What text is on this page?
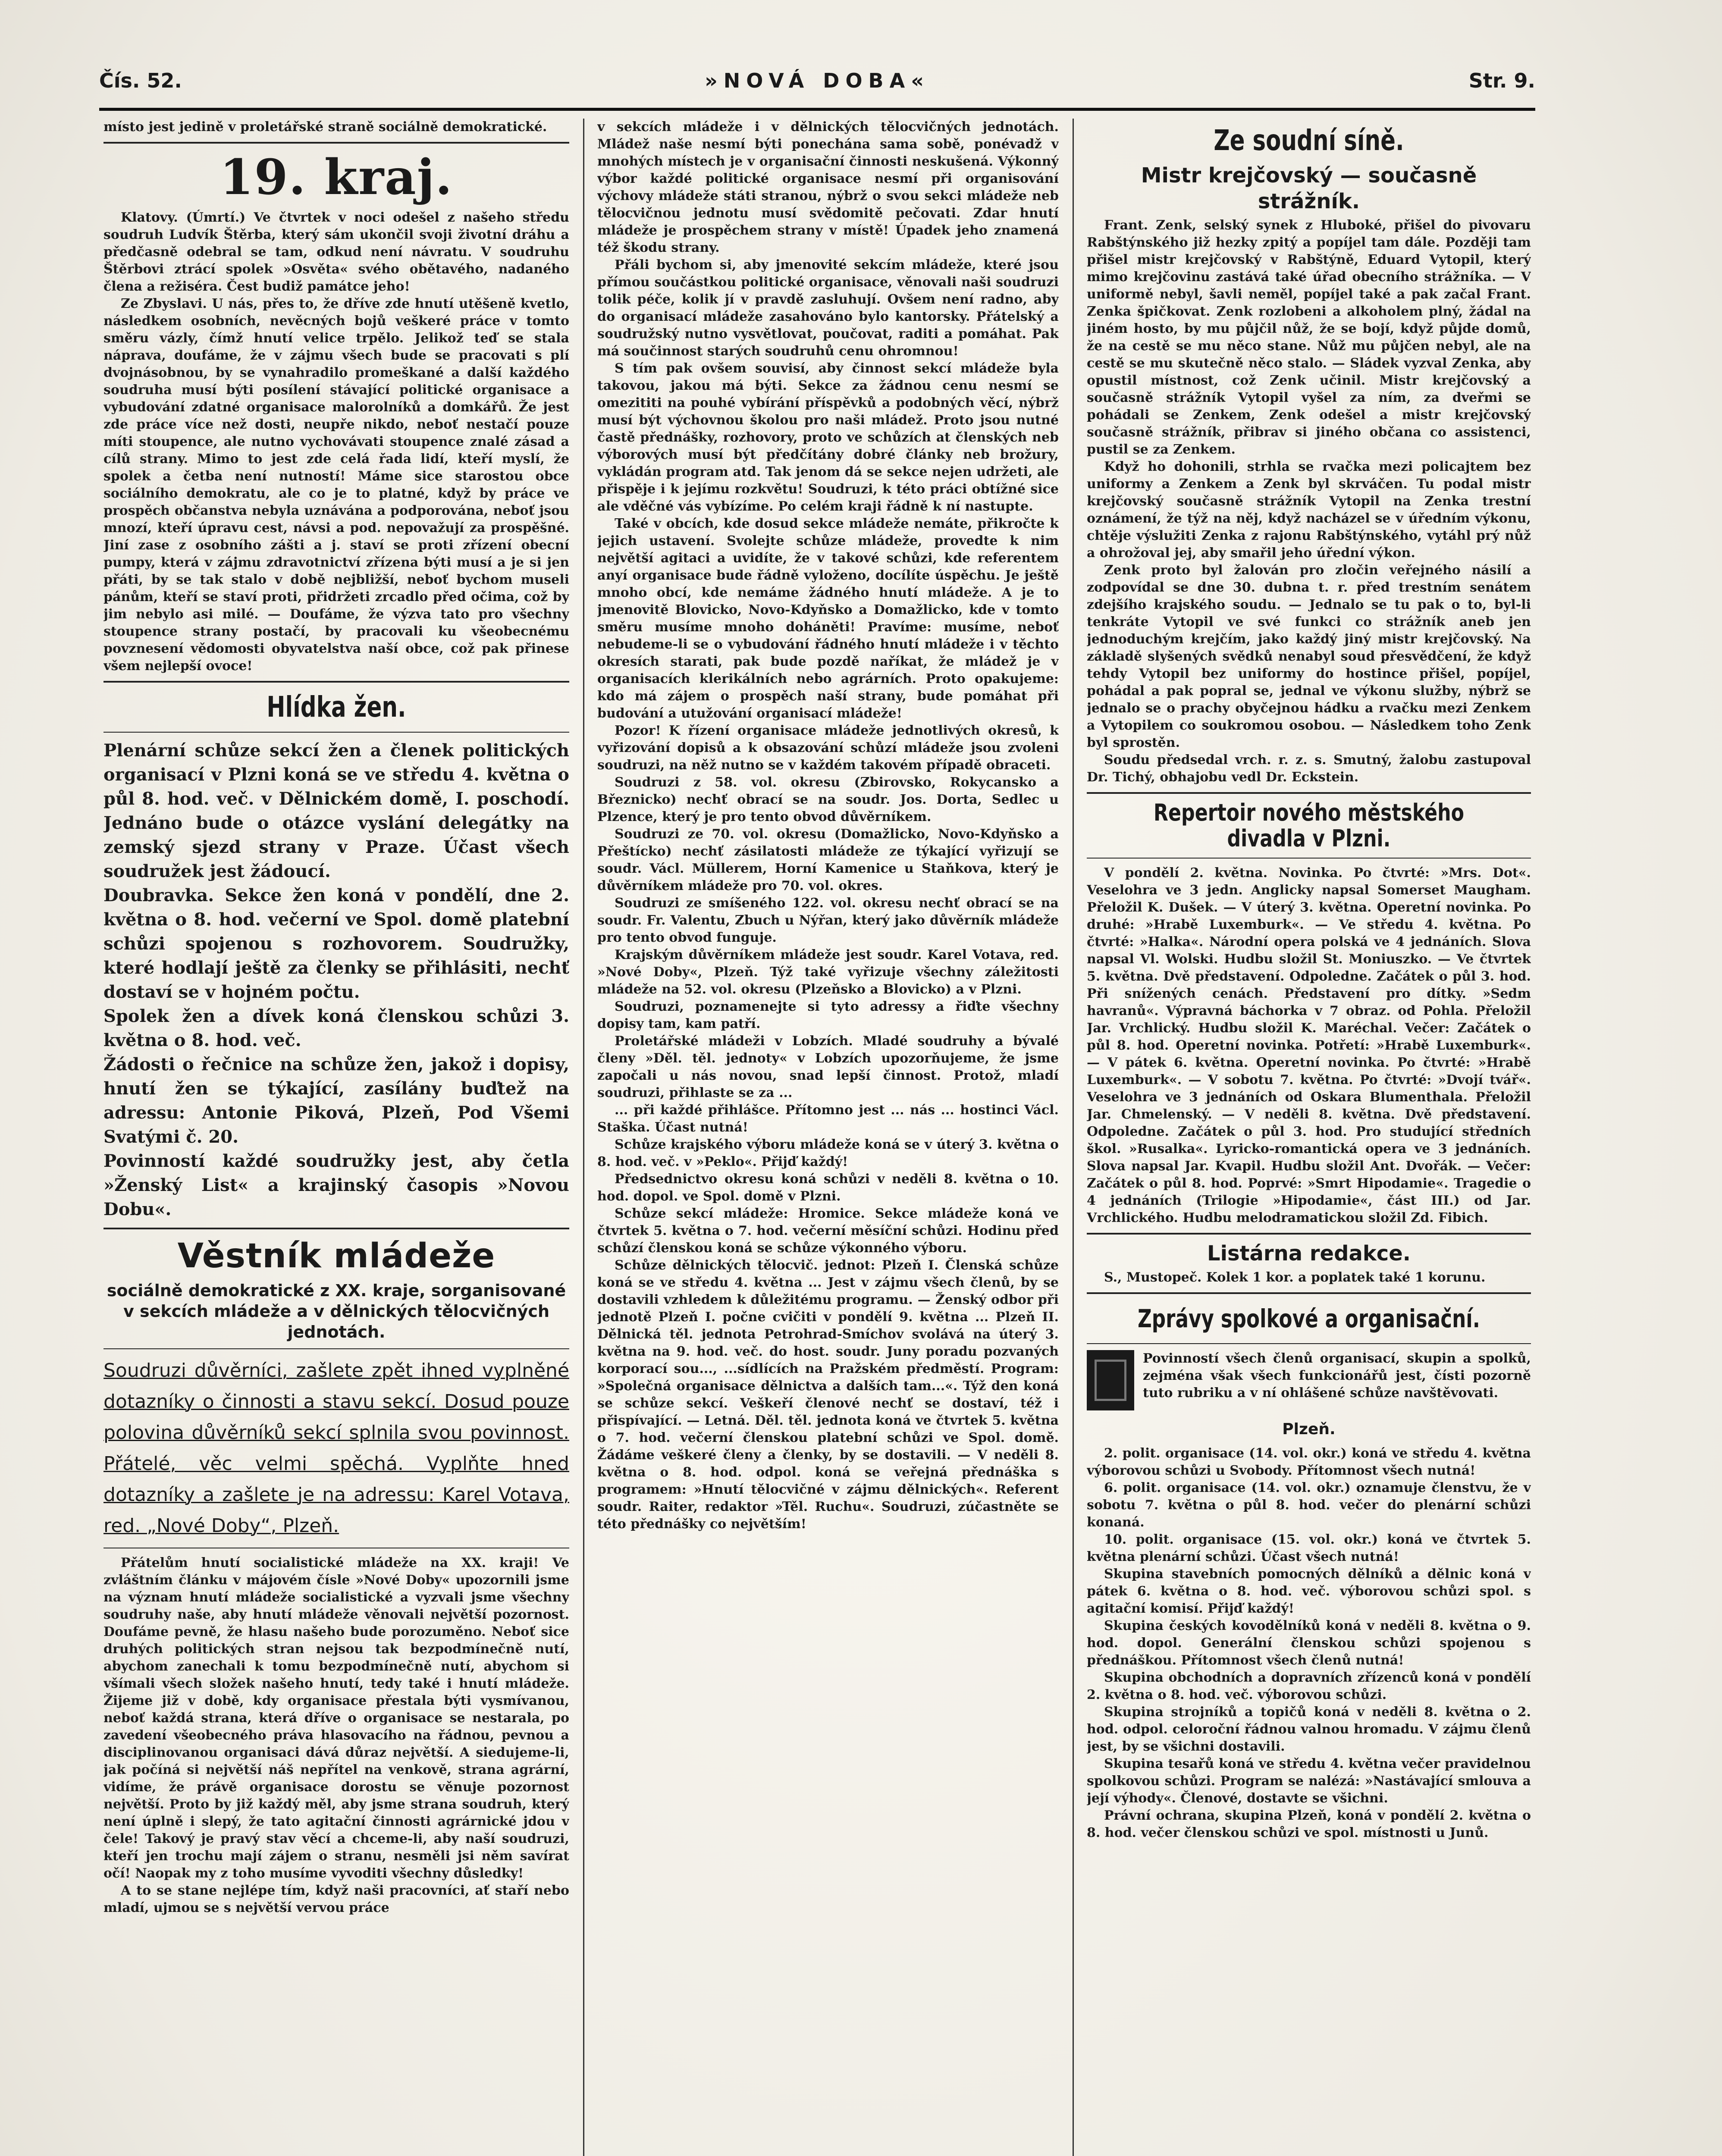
Čís. 52.	»NOVÁ DOBA«	Str. 9.

místo jest jedině v proletářské straně sociálně demokratické.

19. kraj.

Klatovy. (Úmrtí.) Ve čtvrtek v noci odešel z našeho středu soudruh Ludvík Štěrba, který sám ukončil svoji životní dráhu a předčasně odebral se tam, odkud není návratu. V soudruhu Štěrbovi ztrácí spolek »Osvěta« svého obětavého, nadaného člena a režiséra. Čest budiž památce jeho!

Ze Zbyslavi. U nás, přes to, že dříve zde hnutí utěšeně kvetlo, následkem osobních, nevěcných bojů veškeré práce v tomto směru vázly, čímž hnutí velice trpělo. Jelikož teď se stala náprava, doufáme, že v zájmu všech bude se pracovati s plí dvojnásobnou, by se vynahradilo promeškané a další každého soudruha musí býti posílení stávající politické organisace a vybudování zdatné organisace malorolníků a domkářů. Že jest zde práce více než dosti, neupře nikdo, neboť nestačí pouze míti stoupence, ale nutno vychovávati stoupence znalé zásad a cílů strany. Mimo to jest zde celá řada lidí, kteří myslí, že spolek a četba není nutností! Máme sice starostou obce sociálního demokratu, ale co je to platné, když by práce ve prospěch občanstva nebyla uznávána a podporována, neboť jsou mnozí, kteří úpravu cest, návsi a pod. nepovažují za prospěšné. Jiní zase z osobního zášti a j. staví se proti zřízení obecní pumpy, která v zájmu zdravotnictví zřízena býti musí a je si jen přáti, by se tak stalo v době nejbližší, neboť bychom museli pánům, kteří se staví proti, přidržeti zrcadlo před očima, což by jim nebylo asi milé. — Doufáme, že výzva tato pro všechny stoupence strany postačí, by pracovali ku všeobecnému povznesení vědomosti obyvatelstva naší obce, což pak přinese všem nejlepší ovoce!

Hlídka žen.

Plenární schůze sekcí žen a členek politických organisací v Plzni koná se ve středu 4. května o půl 8. hod. več. v Dělnickém domě, I. poschodí. Jednáno bude o otázce vyslání delegátky na zemský sjezd strany v Praze. Účast všech soudružek jest žádoucí.

Doubravka. Sekce žen koná v pondělí, dne 2. května o 8. hod. večerní ve Spol. domě platební schůzi spojenou s rozhovorem. Soudružky, které hodlají ještě za členky se přihlásiti, nechť dostaví se v hojném počtu.

Spolek žen a dívek koná členskou schůzi 3. května o 8. hod. več.

Žádosti o řečnice na schůze žen, jakož i dopisy, hnutí žen se týkající, zasílány buďtež na adressu: Antonie Piková, Plzeň, Pod Všemi Svatými č. 20.

Povinností každé soudružky jest, aby četla »Ženský List« a krajinský časopis »Novou Dobu«.

Věstník mládeže
sociálně demokratické z XX. kraje, sorganisované v sekcích mládeže a v dělnických tělocvičných jednotách.

Soudruzi důvěrníci, zašlete zpět ihned vyplněné dotazníky o činnosti a stavu sekcí. Dosud pouze polovina důvěrníků sekcí splnila svou povinnost. Přátelé, věc velmi spěchá. Vyplňte hned dotazníky a zašlete je na adressu: Karel Votava, red. „Nové Doby“, Plzeň.

Přátelům hnutí socialistické mládeže na XX. kraji! Ve zvláštním článku v májovém čísle »Nové Doby« upozornili jsme na význam hnutí mládeže socialistické a vyzvali jsme všechny soudruhy naše, aby hnutí mládeže věnovali největší pozornost. Doufáme pevně, že hlasu našeho bude porozuměno. Neboť sice druhých politických stran nejsou tak bezpodmínečně nutí, abychom zanechali k tomu bezpodmínečně nutí, abychom si všímali všech složek našeho hnutí, tedy také i hnutí mládeže. Žijeme již v době, kdy organisace přestala býti vysmívanou, neboť každá strana, která dříve o organisace se nestarala, po zavedení všeobecného práva hlasovacího na řádnou, pevnou a disciplinovanou organisaci dává důraz největší. A siedujeme-li, jak počíná si největší náš nepřítel na venkově, strana agrární, vidíme, že právě organisace dorostu se věnuje pozornost největší. Proto by již každý měl, aby jsme strana soudruh, který není úplně i slepý, že tato agitační činnosti agrárnické jdou v čele! Takový je pravý stav věcí a chceme-li, aby naší soudruzi, kteří jen trochu mají zájem o stranu, nesměli jsi něm savírat očí! Naopak my z toho musíme vyvoditi všechny důsledky!

A to se stane nejlépe tím, když naši pracovníci, ať staří nebo mladí, ujmou se s největší vervou práce

v sekcích mládeže i v dělnických tělocvičných jednotách. Mládež naše nesmí býti ponechána sama sobě, ponévadž v mnohých místech je v organisační činnosti neskušená. Výkonný výbor každé politické organisace nesmí při organisování výchovy mládeže státi stranou, nýbrž o svou sekci mládeže neb tělocvičnou jednotu musí svědomitě pečovati. Zdar hnutí mládeže je prospěchem strany v místě! Úpadek jeho znamená též škodu strany.

Přáli bychom si, aby jmenovité sekcím mládeže, které jsou přímou součástkou politické organisace, věnovali naši soudruzi tolik péče, kolik jí v pravdě zasluhují. Ovšem není radno, aby do organisací mládeže zasahováno bylo kantorsky. Přátelský a soudružský nutno vysvětlovat, poučovat, raditi a pomáhat. Pak má součinnost starých soudruhů cenu ohromnou!

S tím pak ovšem souvisí, aby činnost sekcí mládeže byla takovou, jakou má býti. Sekce za žádnou cenu nesmí se omezititi na pouhé vybírání příspěvků a podobných věcí, nýbrž musí být výchovnou školou pro naši mládež. Proto jsou nutné častě přednášky, rozhovory, proto ve schůzích at členských neb výborových musí být předčítány dobré články neb brožury, vykládán program atd. Tak jenom dá se sekce nejen udržeti, ale přispěje i k jejímu rozkvětu! Soudruzi, k této práci obtížné sice ale vděčné vás vybízíme. Po celém kraji řádně k ní nastupte.

Také v obcích, kde dosud sekce mládeže nemáte, přikročte k jejich ustavení. Svolejte schůze mládeže, provedte k nim největší agitaci a uvidíte, že v takové schůzi, kde referentem anyí organisace bude řádně vyloženo, docílíte úspěchu. Je ještě mnoho obcí, kde nemáme žádného hnutí mládeže. A je to jmenovitě Blovicko, Novo-Kdyňsko a Domažlicko, kde v tomto směru musíme mnoho doháněti! Pravíme: musíme, neboť nebudeme-li se o vybudování řádného hnutí mládeže i v těchto okresích starati, pak bude pozdě naříkat, že mládež je v organisacích klerikálních nebo agrárních. Proto opakujeme: kdo má zájem o prospěch naší strany, bude pomáhat při budování a utužování organisací mládeže!

Pozor! K řízení organisace mládeže jednotlivých okresů, k vyřizování dopisů a k obsazování schůzí mládeže jsou zvoleni soudruzi, na něž nutno se v každém takovém případě obraceti.

Soudruzi z 58. vol. okresu (Zbirovsko, Rokycansko a Březnicko) nechť obrací se na soudr. Jos. Dorta, Sedlec u Plzence, který je pro tento obvod důvěrníkem.

Soudruzi ze 70. vol. okresu (Domažlicko, Novo-Kdyňsko a Přeštícko) nechť zásilatosti mládeže ze týkající vyřizují se soudr. Václ. Müllerem, Horní Kamenice u Staňkova, který je důvěrníkem mládeže pro 70. vol. okres.

Soudruzi ze smíšeného 122. vol. okresu nechť obrací se na soudr. Fr. Valentu, Zbuch u Nýřan, který jako důvěrník mládeže pro tento obvod funguje.

Krajským důvěrníkem mládeže jest soudr. Karel Votava, red. »Nové Doby«, Plzeň. Týž také vyřizuje všechny záležitosti mládeže na 52. vol. okresu (Plzeňsko a Blovicko) a v Plzni.

Soudruzi, poznamenejte si tyto adressy a řiďte všechny dopisy tam, kam patří.

Proletářské mládeži v Lobzích. Mladé soudruhy a bývalé členy »Děl. těl. jednoty« v Lobzích upozorňujeme, že jsme započali u nás novou, snad lepší činnost. Protož, mladí soudruzi, přihlaste se za ...

... při každé přihlášce. Přítomno jest ... nás ... hostinci Václ. Staška. Účast nutná!

Schůze krajského výboru mládeže koná se v úterý 3. května o 8. hod. več. v »Peklo«. Přijď každý!

Předsednictvo okresu koná schůzi v neděli 8. května o 10. hod. dopol. ve Spol. domě v Plzni.

Schůze sekcí mládeže: Hromice. Sekce mládeže koná ve čtvrtek 5. května o 7. hod. večerní měsíční schůzi. Hodinu před schůzí členskou koná se schůze výkonného výboru.

Schůze dělnických tělocvič. jednot: Plzeň I. Členská schůze koná se ve středu 4. května ... Jest v zájmu všech členů, by se dostavili vzhledem k důležitému programu. — Ženský odbor při jednotě Plzeň I. počne cvičiti v pondělí 9. května ... Plzeň II. Dělnická těl. jednota Petrohrad-Smíchov svolává na úterý 3. května na 9. hod. več. do host. soudr. Juny poradu pozvaných korporací sou..., ...sídlících na Pražském předměstí. Program: »Společná organisace dělnictva a dalších tam...«. Týž den koná se schůze sekcí. Veškeří členové nechť se dostaví, též i přispívající. — Letná. Děl. těl. jednota koná ve čtvrtek 5. května o 7. hod. večerní členskou platební schůzi ve Spol. domě. Žádáme veškeré členy a členky, by se dostavili. — V neděli 8. května o 8. hod. odpol. koná se veřejná přednáška s programem: »Hnutí tělocvičné v zájmu dělnických«. Referent soudr. Raiter, redaktor »Těl. Ruchu«. Soudruzi, zúčastněte se této přednášky co největším!

Ze soudní síně.
Mistr krejčovský — současně strážník.

Frant. Zenk, selský synek z Hluboké, přišel do pivovaru Rabštýnského již hezky zpitý a popíjel tam dále. Později tam přišel mistr krejčovský v Rabštýně, Eduard Vytopil, který mimo krejčovinu zastává také úřad obecního strážníka. — V uniformě nebyl, šavli neměl, popíjel také a pak začal Frant. Zenka špičkovat. Zenk rozlobeni a alkoholem plný, žádal na jiném hosto, by mu půjčil nůž, že se bojí, když půjde domů, že na cestě se mu něco stane. Nůž mu půjčen nebyl, ale na cestě se mu skutečně něco stalo. — Sládek vyzval Zenka, aby opustil místnost, což Zenk učinil. Mistr krejčovský a současně strážník Vytopil vyšel za ním, za dveřmi se pohádali se Zenkem, Zenk odešel a mistr krejčovský současně strážník, přibrav si jiného občana co assistenci, pustil se za Zenkem.

Když ho dohonili, strhla se rvačka mezi policajtem bez uniformy a Zenkem a Zenk byl skrváčen. Tu podal mistr krejčovský současně strážník Vytopil na Zenka trestní oznámení, že týž na něj, když nacházel se v úředním výkonu, chtěje výslužiti Zenka z rajonu Rabštýnského, vytáhl prý nůž a ohrožoval jej, aby smařil jeho úřední výkon.

Zenk proto byl žalován pro zločin veřejného násilí a zodpovídal se dne 30. dubna t. r. před trestním senátem zdejšího krajského soudu. — Jednalo se tu pak o to, byl-li tenkráte Vytopil ve své funkci co strážník aneb jen jednoduchým krejčím, jako každý jiný mistr krejčovský. Na základě slyšených svědků nenabyl soud přesvědčení, že když tehdy Vytopil bez uniformy do hostince přišel, popíjel, pohádal a pak popral se, jednal ve výkonu služby, nýbrž se jednalo se o prachy obyčejnou hádku a rvačku mezi Zenkem a Vytopilem co soukromou osobou. — Následkem toho Zenk byl sprostěn.

Soudu předsedal vrch. r. z. s. Smutný, žalobu zastupoval Dr. Tichý, obhajobu vedl Dr. Eckstein.

Repertoir nového městského divadla v Plzni.

V pondělí 2. května. Novinka. Po čtvrté: »Mrs. Dot«. Veselohra ve 3 jedn. Anglicky napsal Somerset Maugham. Přeložil K. Dušek. — V úterý 3. května. Operetní novinka. Po druhé: »Hrabě Luxemburk«. — Ve středu 4. května. Po čtvrté: »Halka«. Národní opera polská ve 4 jednáních. Slova napsal Vl. Wolski. Hudbu složil St. Moniuszko. — Ve čtvrtek 5. května. Dvě představení. Odpoledne. Začátek o půl 3. hod. Při snížených cenách. Představení pro dítky. »Sedm havranů«. Výpravná báchorka v 7 obraz. od Pohla. Přeložil Jar. Vrchlický. Hudbu složil K. Maréchal. Večer: Začátek o půl 8. hod. Operetní novinka. Potřetí: »Hrabě Luxemburk«. — V pátek 6. května. Operetní novinka. Po čtvrté: »Hrabě Luxemburk«. — V sobotu 7. května. Po čtvrté: »Dvojí tvář«. Veselohra ve 3 jednáních od Oskara Blumenthala. Přeložil Jar. Chmelenský. — V neděli 8. května. Dvě představení. Odpoledne. Začátek o půl 3. hod. Pro studující středních škol. »Rusalka«. Lyricko-romantická opera ve 3 jednáních. Slova napsal Jar. Kvapil. Hudbu složil Ant. Dvořák. — Večer: Začátek o půl 8. hod. Poprvé: »Smrt Hipodamie«. Tragedie o 4 jednáních (Trilogie »Hipodamie«, část III.) od Jar. Vrchlického. Hudbu melodramatickou složil Zd. Fibich.

Listárna redakce.

S., Mustopeč. Kolek 1 kor. a poplatek také 1 korunu.

Zprávy spolkové a organisační.
Povinností všech členů organisací, skupin a spolků, zejména však všech funkcionářů jest, čísti pozorně tuto rubriku a v ní ohlášené schůze navštěvovati.
Plzeň.

2. polit. organisace (14. vol. okr.) koná ve středu 4. května výborovou schůzi u Svobody. Přítomnost všech nutná!

6. polit. organisace (14. vol. okr.) oznamuje členstvu, že v sobotu 7. května o půl 8. hod. večer do plenární schůzi konaná.

10. polit. organisace (15. vol. okr.) koná ve čtvrtek 5. května plenární schůzi. Účast všech nutná!

Skupina stavebních pomocných dělníků a dělnic koná v pátek 6. května o 8. hod. več. výborovou schůzi spol. s agitační komisí. Přijď každý!

Skupina českých kovodělníků koná v neděli 8. května o 9. hod. dopol. Generální členskou schůzi spojenou s přednáškou. Přítomnost všech členů nutná!

Skupina obchodních a dopravních zřízenců koná v pondělí 2. května o 8. hod. več. výborovou schůzi.

Skupina strojníků a topičů koná v neděli 8. května o 2. hod. odpol. celoroční řádnou valnou hromadu. V zájmu členů jest, by se všichni dostavili.

Skupina tesařů koná ve středu 4. května večer pravidelnou spolkovou schůzi. Program se nalézá: »Nastávající smlouva a její výhody«. Členové, dostavte se všichni.

Právní ochrana, skupina Plzeň, koná v pondělí 2. května o 8. hod. večer členskou schůzi ve spol. místnosti u Junů.
